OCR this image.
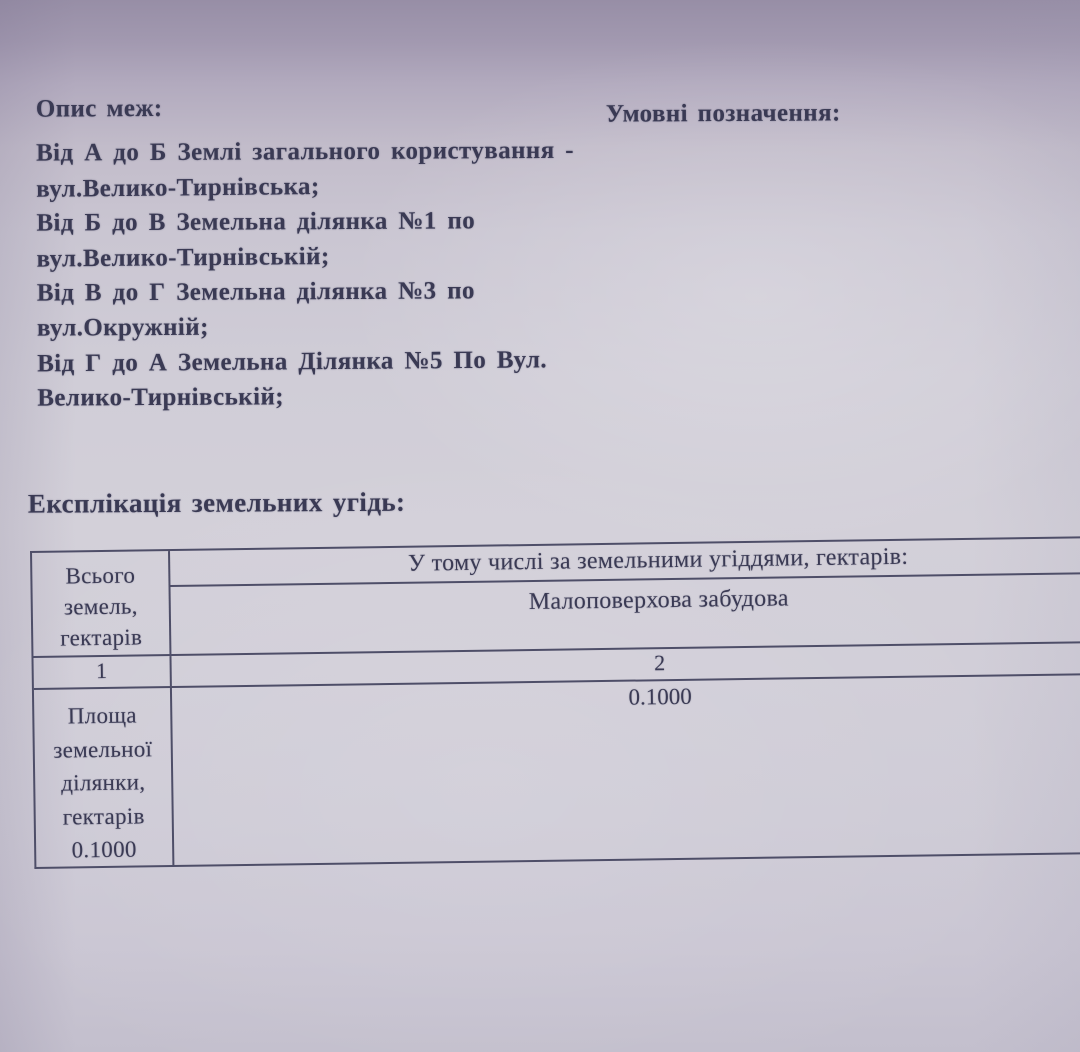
Опис меж:	Умовні позначення:
Від А до Б Землі загального користування -
вул.Велико-Тирнівська;
Від Б до В Земельна ділянка №1 по
вул.Велико-Тирнівській;
Від В до Г Земельна ділянка №3 по
вул.Окружній;
Від Г до А Земельна Ділянка №5 По Вул.
Велико-Тирнівській;
Експлікація земельних угідь:
Всього земель, гектарів
У тому числі за земельними угіддями, гектарів:
Малоповерхова забудова
1	2
Площа земельної ділянки, гектарів 0.1000
0.1000
